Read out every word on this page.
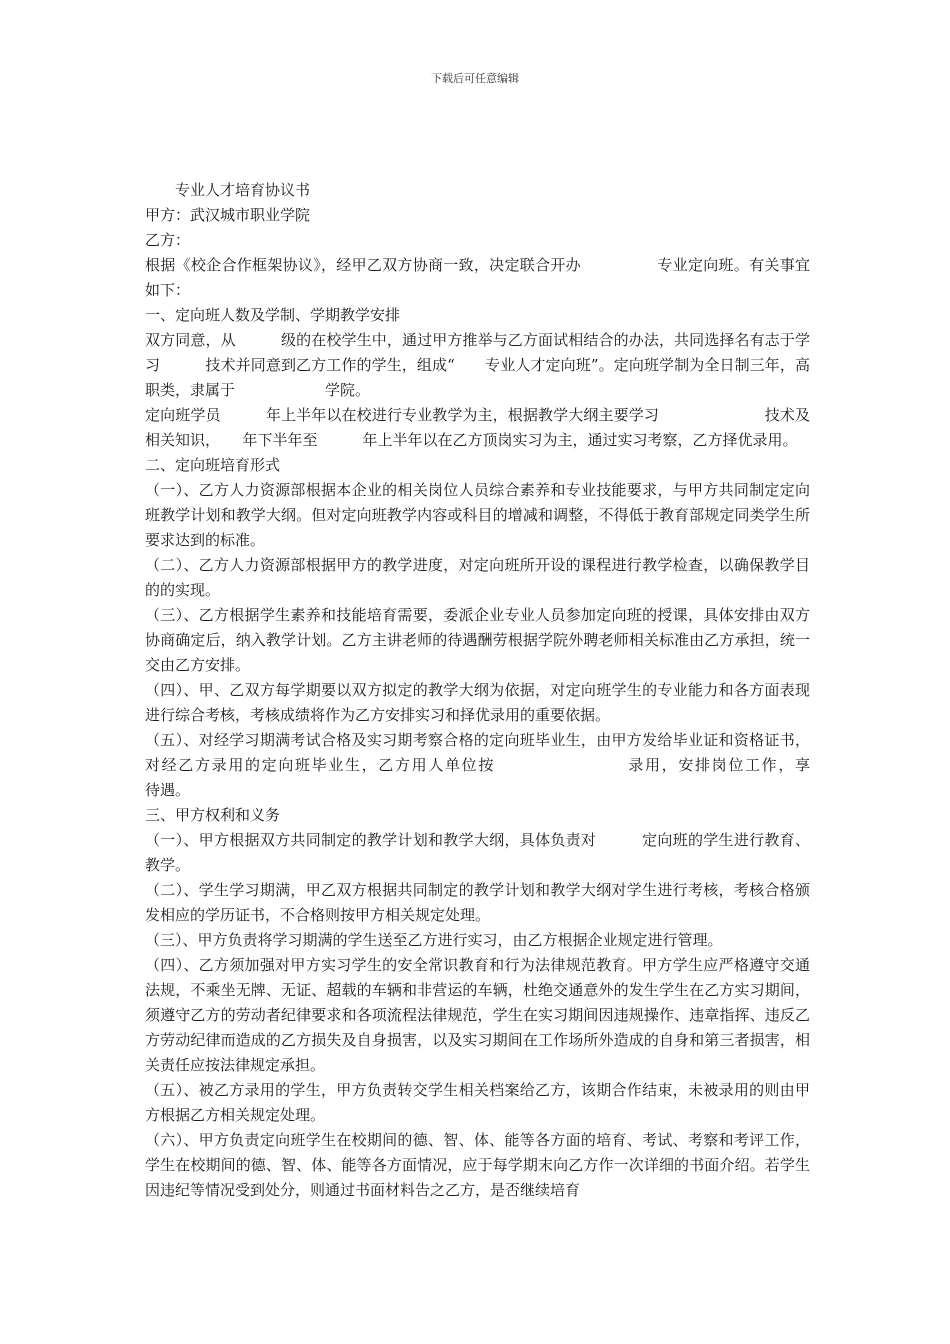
下载后可任意编辑

专业人才培育协议书

甲方：武汉城市职业学院

乙方：

根据《校企合作框架协议》，经甲乙双方协商一致，决定联合开办　　　　　专业定向班。有关事宜如下：

一、定向班人数及学制、学期教学安排

双方同意，从　　　级的在校学生中，通过甲方推举与乙方面试相结合的办法，共同选择名有志于学习　　　技术并同意到乙方工作的学生，组成“　　专业人才定向班”。定向班学制为全日制三年，高职类，隶属于　　　　　　学院。

定向班学员　　　年上半年以在校进行专业教学为主，根据教学大纲主要学习　　　　　　　技术及相关知识，　　年下半年至　　　年上半年以在乙方顶岗实习为主，通过实习考察，乙方择优录用。

二、定向班培育形式

（一）、乙方人力资源部根据本企业的相关岗位人员综合素养和专业技能要求，与甲方共同制定定向班教学计划和教学大纲。但对定向班教学内容或科目的增减和调整，不得低于教育部规定同类学生所要求达到的标准。

（二）、乙方人力资源部根据甲方的教学进度，对定向班所开设的课程进行教学检查，以确保教学目的的实现。

（三）、乙方根据学生素养和技能培育需要，委派企业专业人员参加定向班的授课，具体安排由双方协商确定后，纳入教学计划。乙方主讲老师的待遇酬劳根据学院外聘老师相关标准由乙方承担，统一交由乙方安排。

（四）、甲、乙双方每学期要以双方拟定的教学大纲为依据，对定向班学生的专业能力和各方面表现进行综合考核，考核成绩将作为乙方安排实习和择优录用的重要依据。

（五）、对经学习期满考试合格及实习期考察合格的定向班毕业生，由甲方发给毕业证和资格证书，对经乙方录用的定向班毕业生，乙方用人单位按　　　　　　　　录用，安排岗位工作，享　　　　　　　　待遇。

三、甲方权利和义务

（一）、甲方根据双方共同制定的教学计划和教学大纲，具体负责对　　　定向班的学生进行教育、教学。

（二）、学生学习期满，甲乙双方根据共同制定的教学计划和教学大纲对学生进行考核，考核合格颁发相应的学历证书，不合格则按甲方相关规定处理。

（三）、甲方负责将学习期满的学生送至乙方进行实习，由乙方根据企业规定进行管理。

（四）、乙方须加强对甲方实习学生的安全常识教育和行为法律规范教育。甲方学生应严格遵守交通法规，不乘坐无牌、无证、超载的车辆和非营运的车辆，杜绝交通意外的发生学生在乙方实习期间，须遵守乙方的劳动者纪律要求和各项流程法律规范，学生在实习期间因违规操作、违章指挥、违反乙方劳动纪律而造成的乙方损失及自身损害，以及实习期间在工作场所外造成的自身和第三者损害，相关责任应按法律规定承担。

（五）、被乙方录用的学生，甲方负责转交学生相关档案给乙方，该期合作结束，未被录用的则由甲方根据乙方相关规定处理。

（六）、甲方负责定向班学生在校期间的德、智、体、能等各方面的培育、考试、考察和考评工作，学生在校期间的德、智、体、能等各方面情况，应于每学期末向乙方作一次详细的书面介绍。若学生因违纪等情况受到处分，则通过书面材料告之乙方，是否继续培育
